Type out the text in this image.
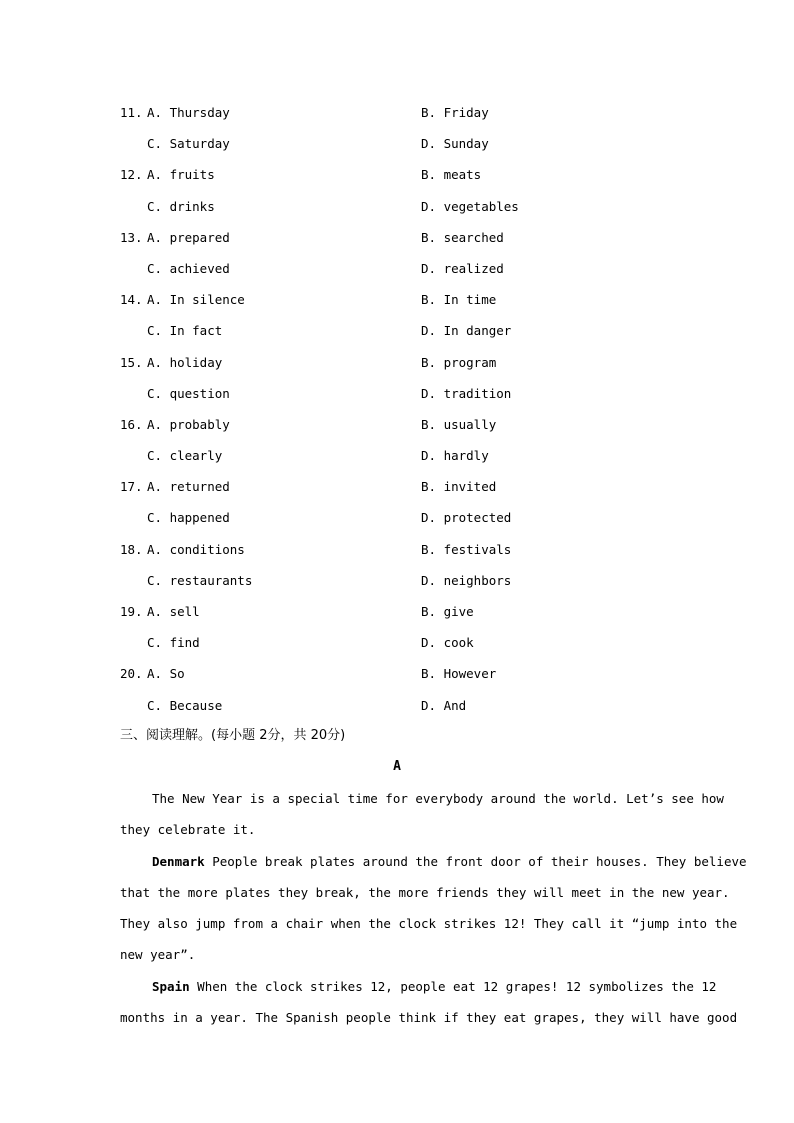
11. A. Thursday	B. Friday
C. Saturday	D. Sunday
12. A. fruits	B. meats
C. drinks	D. vegetables
13. A. prepared	B. searched
C. achieved	D. realized
14. A. In silence	B. In time
C. In fact	D. In danger
15. A. holiday	B. program
C. question	D. tradition
16. A. probably	B. usually
C. clearly	D. hardly
17. A. returned	B. invited
C. happened	D. protected
18. A. conditions	B. festivals
C. restaurants	D. neighbors
19. A. sell	B. give
C. find	D. cook
20. A. So	B. However
C. Because	D. And
三、阅读理解。(每小题 2分，共 20分)
A
The New Year is a special time for everybody around the world. Let’s see how
they celebrate it.
Denmark People break plates around the front door of their houses. They believe
that the more plates they break, the more friends they will meet in the new year.
They also jump from a chair when the clock strikes 12! They call it “jump into the
new year”.
Spain When the clock strikes 12, people eat 12 grapes! 12 symbolizes the 12
months in a year. The Spanish people think if they eat grapes, they will have good
